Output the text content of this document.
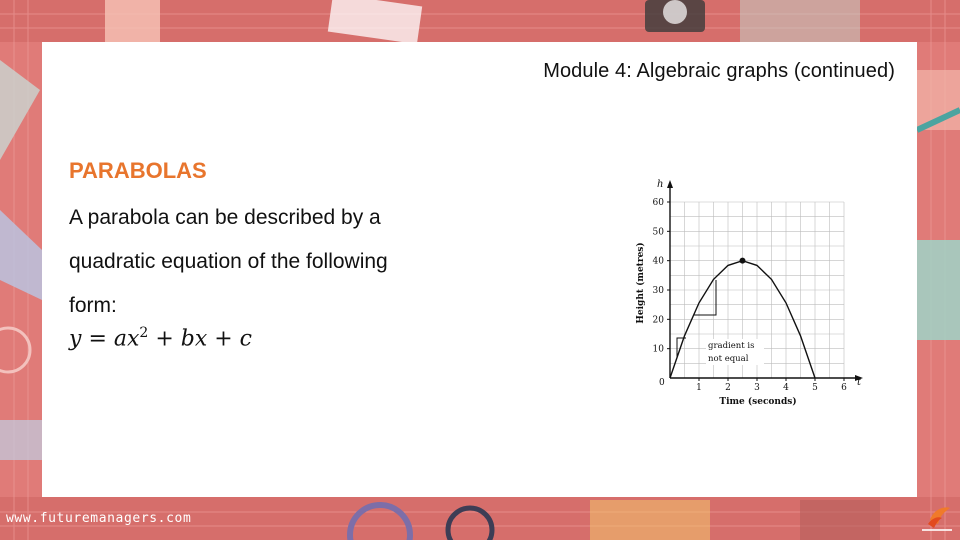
Module 4: Algebraic graphs (continued)
PARABOLAS
A parabola can be described by a
quadratic equation of the following
form:
$y = ax^2$ + bx + c
h
t
0
60
50
40
30
20
10
1	2	3	4	5	6
Height (metres)
Time (seconds)
gradient is
not equal
www.futuremanagers.com
